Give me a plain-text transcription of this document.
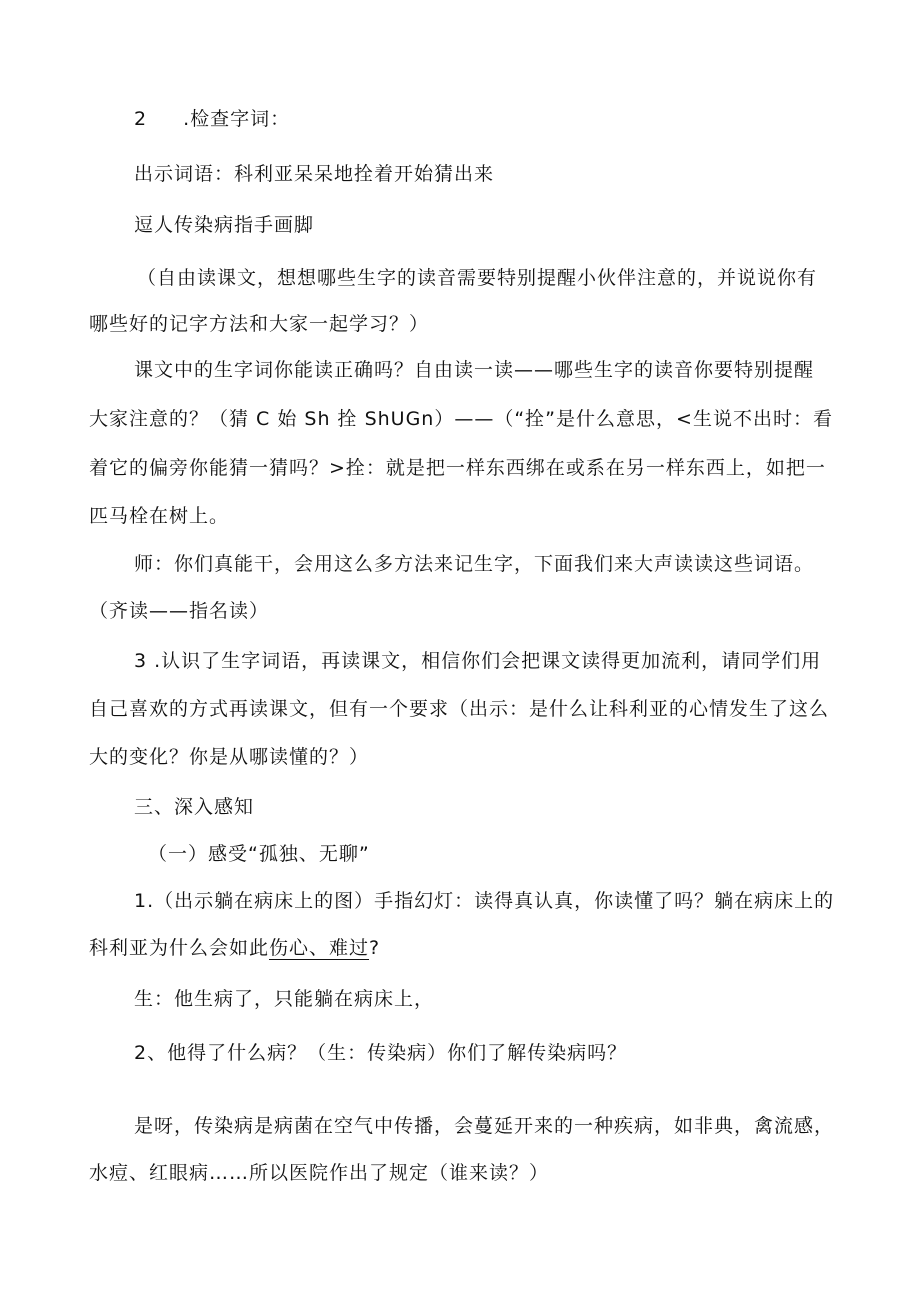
2 .检查字词：
出示词语：科利亚呆呆地拴着开始猜出来
逗人传染病指手画脚
（自由读课文，想想哪些生字的读音需要特别提醒小伙伴注意的，并说说你有
哪些好的记字方法和大家一起学习？）
课文中的生字词你能读正确吗？自由读一读——哪些生字的读音你要特别提醒
大家注意的？（猜 C 始 Sh 拴 ShUGn）——（“拴”是什么意思，<生说不出时：看
着它的偏旁你能猜一猜吗？>拴：就是把一样东西绑在或系在另一样东西上，如把一
匹马栓在树上。
师：你们真能干，会用这么多方法来记生字，下面我们来大声读读这些词语。
（齐读——指名读）
3 .认识了生字词语，再读课文，相信你们会把课文读得更加流利，请同学们用
自己喜欢的方式再读课文，但有一个要求（出示：是什么让科利亚的心情发生了这么
大的变化？你是从哪读懂的？）
三、深入感知
（一）感受“孤独、无聊”
1.（出示躺在病床上的图）手指幻灯：读得真认真，你读懂了吗？躺在病床上的
科利亚为什么会如此伤心、难过?
生：他生病了，只能躺在病床上，
2、他得了什么病？（生：传染病）你们了解传染病吗？
是呀，传染病是病菌在空气中传播，会蔓延开来的一种疾病，如非典，禽流感，
水痘、红眼病……所以医院作出了规定（谁来读？）
